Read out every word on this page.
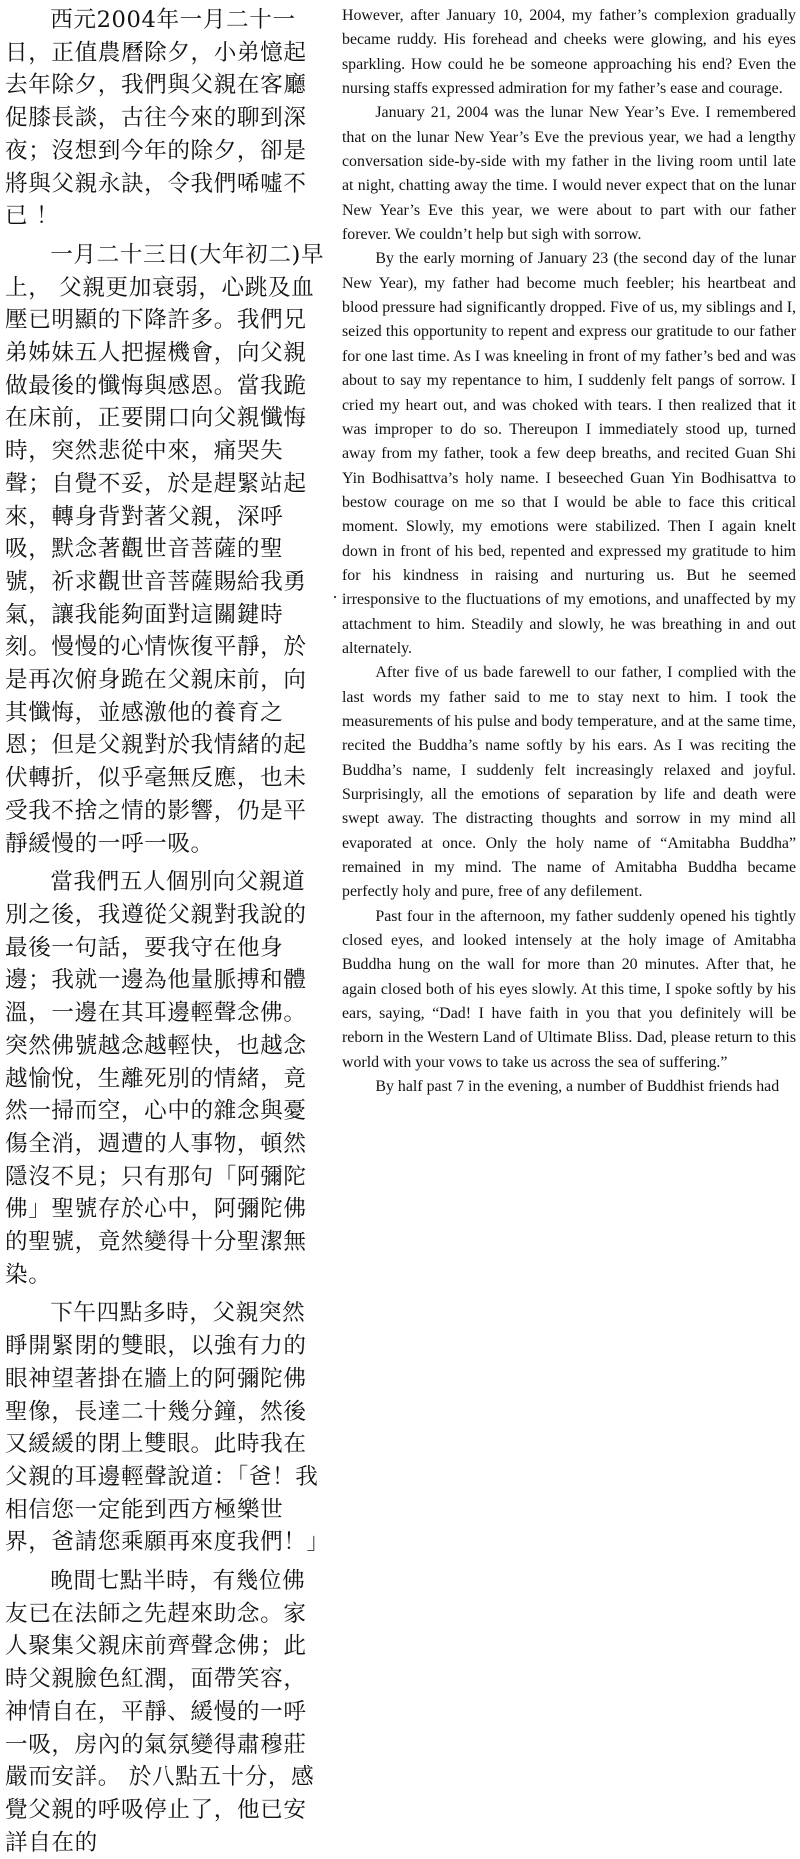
西元2004年一月二十一日，正值農曆除夕，小弟憶起去年除夕，我們與父親在客廳促膝長談，古往今來的聊到深夜；沒想到今年的除夕，卻是將與父親永訣，令我們唏噓不已 ！

一月二十三日(大年初二)早上， 父親更加衰弱，心跳及血壓已明顯的下降許多。我們兄弟姊妹五人把握機會，向父親做最後的懺悔與感恩。當我跪在床前，正要開口向父親懺悔時，突然悲從中來，痛哭失聲；自覺不妥，於是趕緊站起來，轉身背對著父親，深呼吸，默念著觀世音菩薩的聖號，祈求觀世音菩薩賜給我勇氣，讓我能夠面對這關鍵時刻。慢慢的心情恢復平靜，於是再次俯身跪在父親床前，向其懺悔，並感激他的養育之恩；但是父親對於我情緒的起伏轉折，似乎毫無反應，也未受我不捨之情的影響，仍是平靜緩慢的一呼一吸。

當我們五人個別向父親道別之後，我遵從父親對我說的最後一句話，要我守在他身邊；我就一邊為他量脈搏和體溫，一邊在其耳邊輕聲念佛。突然佛號越念越輕快，也越念越愉悅，生離死別的情緒，竟然一掃而空，心中的雜念與憂傷全消，週遭的人事物，頓然隱沒不見；只有那句「阿彌陀佛」聖號存於心中，阿彌陀佛的聖號，竟然變得十分聖潔無染。

下午四點多時，父親突然睜開緊閉的雙眼，以強有力的眼神望著掛在牆上的阿彌陀佛聖像，長達二十幾分鐘，然後又緩緩的閉上雙眼。此時我在父親的耳邊輕聲說道：「爸！我相信您一定能到西方極樂世界，爸請您乘願再來度我們！」

晚間七點半時，有幾位佛友已在法師之先趕來助念。家人聚集父親床前齊聲念佛；此時父親臉色紅潤，面帶笑容，神情自在，平靜、緩慢的一呼一吸，房內的氣氛變得肅穆莊嚴而安詳。 於八點五十分，感覺父親的呼吸停止了，他已安詳自在的

However, after January 10, 2004, my father’s complexion gradually became ruddy. His forehead and cheeks were glowing, and his eyes sparkling. How could he be someone approaching his end? Even the nursing staffs expressed admiration for my father’s ease and courage.

January 21, 2004 was the lunar New Year’s Eve. I remembered that on the lunar New Year’s Eve the previous year, we had a lengthy conversation side-by-side with my father in the living room until late at night, chatting away the time. I would never expect that on the lunar New Year’s Eve this year, we were about to part with our father forever. We couldn’t help but sigh with sorrow.

By the early morning of January 23 (the second day of the lunar New Year), my father had become much feebler; his heartbeat and blood pressure had significantly dropped. Five of us, my siblings and I, seized this opportunity to repent and express our gratitude to our father for one last time. As I was kneeling in front of my father’s bed and was about to say my repentance to him, I suddenly felt pangs of sorrow. I cried my heart out, and was choked with tears. I then realized that it was improper to do so. Thereupon I immediately stood up, turned away from my father, took a few deep breaths, and recited Guan Shi Yin Bodhisattva’s holy name. I beseeched Guan Yin Bodhisattva to bestow courage on me so that I would be able to face this critical moment. Slowly, my emotions were stabilized. Then I again knelt down in front of his bed, repented and expressed my gratitude to him for his kindness in raising and nurturing us. But he seemed irresponsive to the fluctuations of my emotions, and unaffected by my attachment to him. Steadily and slowly, he was breathing in and out alternately.

After five of us bade farewell to our father, I complied with the last words my father said to me to stay next to him. I took the measurements of his pulse and body temperature, and at the same time, recited the Buddha’s name softly by his ears. As I was reciting the Buddha’s name, I suddenly felt increasingly relaxed and joyful. Surprisingly, all the emotions of separation by life and death were swept away. The distracting thoughts and sorrow in my mind all evaporated at once. Only the holy name of “Amitabha Buddha” remained in my mind. The name of Amitabha Buddha became perfectly holy and pure, free of any defilement.

Past four in the afternoon, my father suddenly opened his tightly closed eyes, and looked intensely at the holy image of Amitabha Buddha hung on the wall for more than 20 minutes. After that, he again closed both of his eyes slowly. At this time, I spoke softly by his ears, saying, “Dad! I have faith in you that you definitely will be reborn in the Western Land of Ultimate Bliss. Dad, please return to this world with your vows to take us across the sea of suffering.”

By half past 7 in the evening, a number of Buddhist friends had
